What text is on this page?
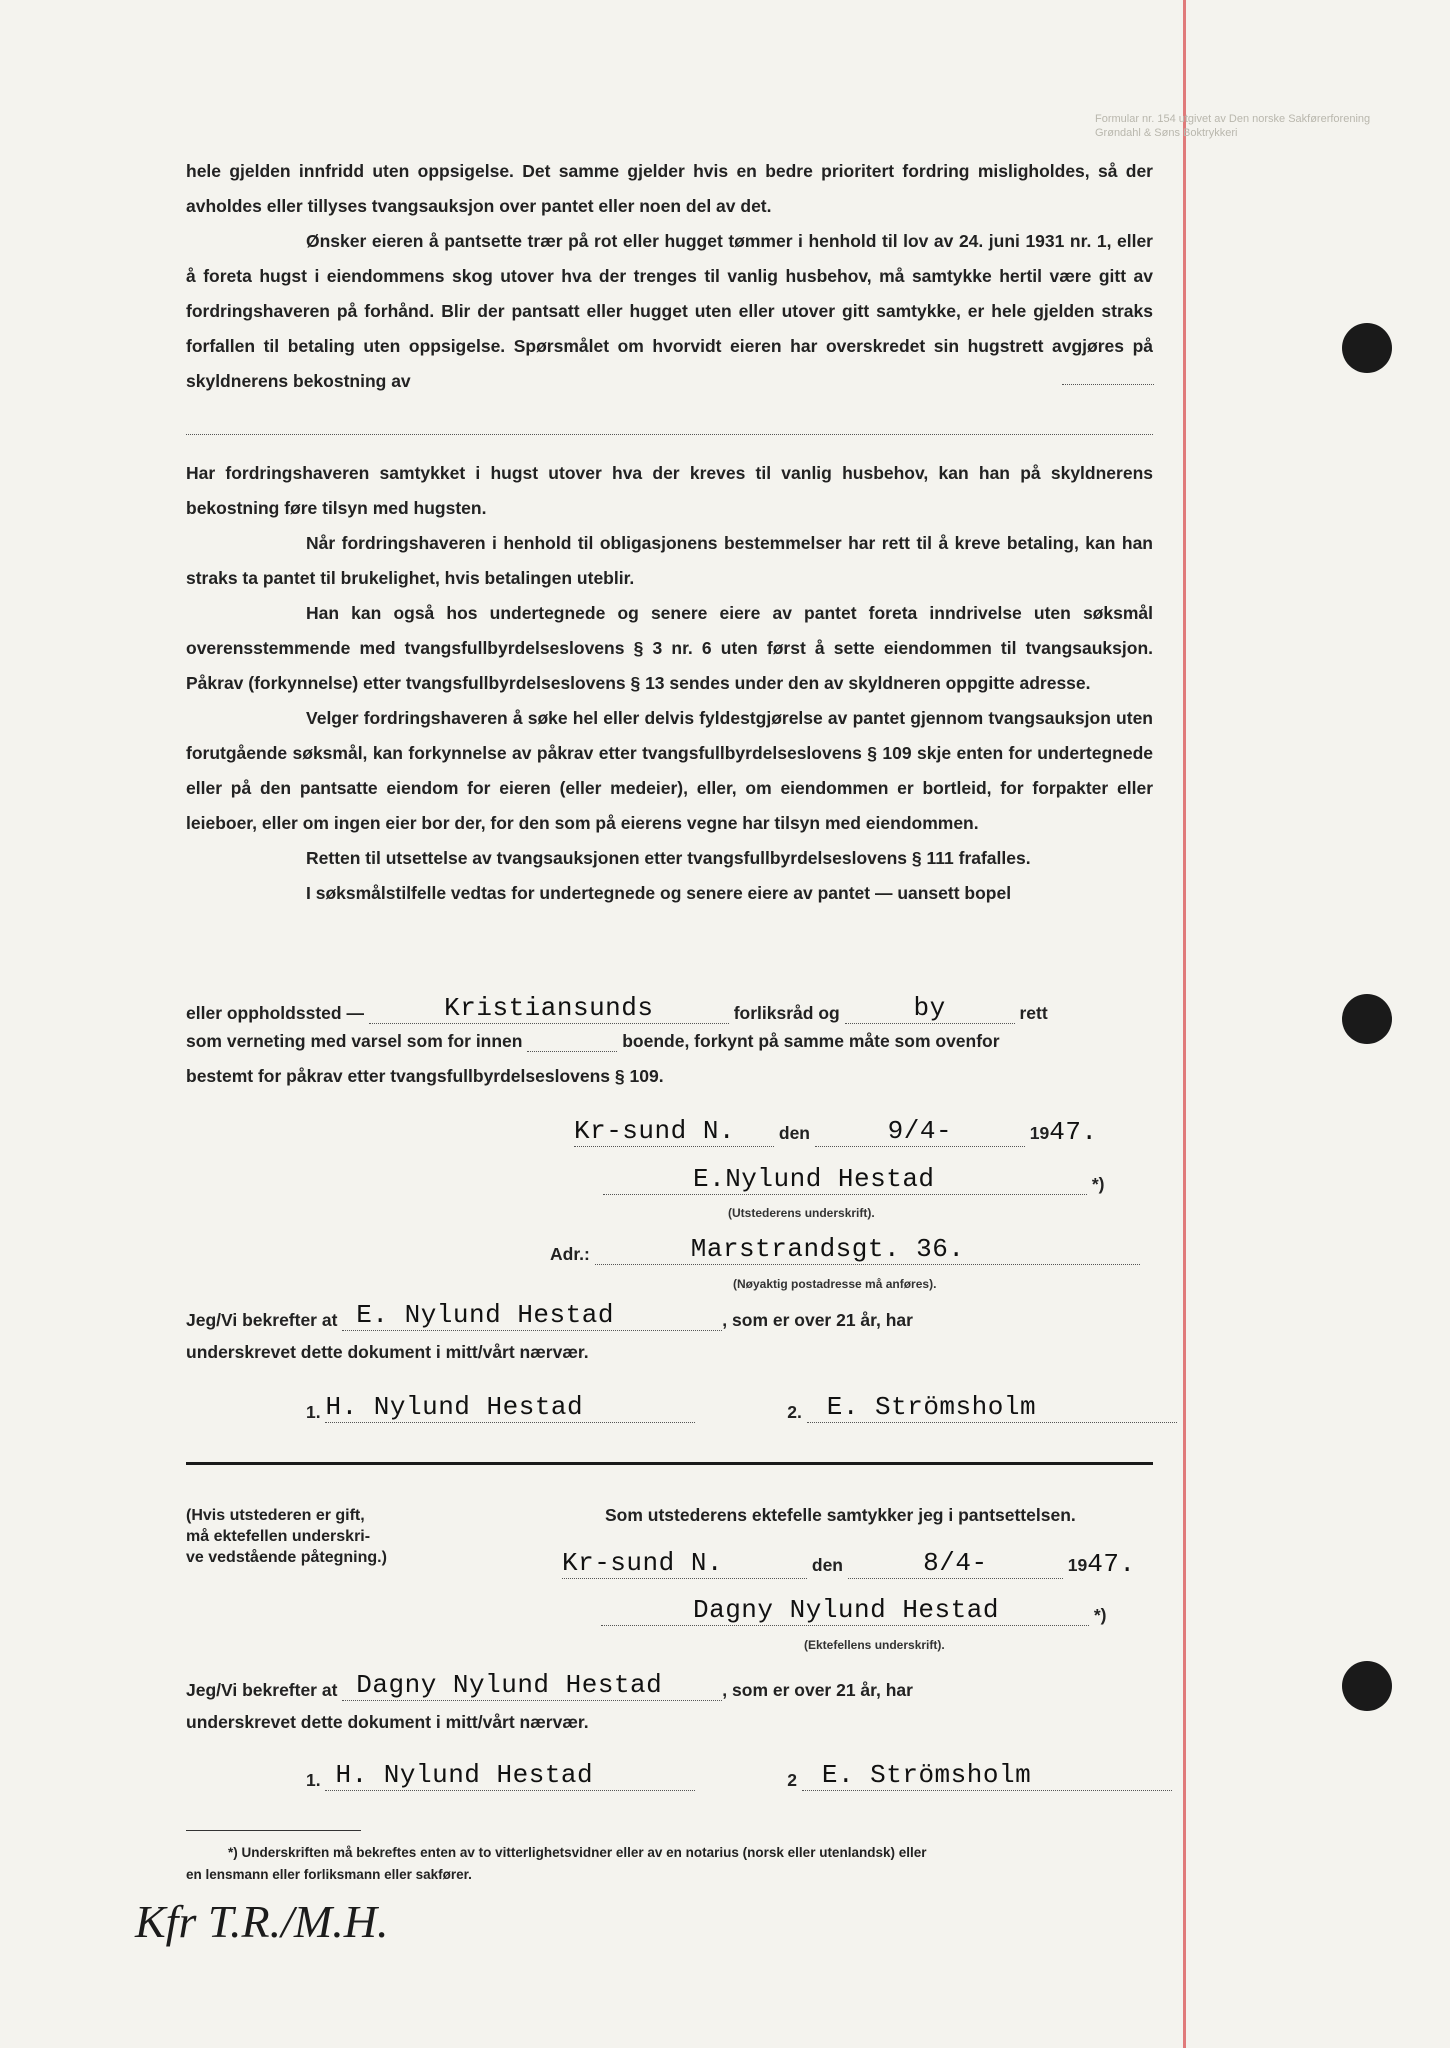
Formular nr. 154 utgivet av Den norske Sakførerforening
Grøndahl & Søns Boktrykkeri

hele gjelden innfridd uten oppsigelse. Det samme gjelder hvis en bedre prioritert fordring misligholdes, så der avholdes eller tillyses tvangsauksjon over pantet eller noen del av det.

Ønsker eieren å pantsette trær på rot eller hugget tømmer i henhold til lov av 24. juni 1931 nr. 1, eller å foreta hugst i eiendommens skog utover hva der trenges til vanlig husbehov, må samtykke hertil være gitt av fordringshaveren på forhånd. Blir der pantsatt eller hugget uten eller utover gitt samtykke, er hele gjelden straks forfallen til betaling uten oppsigelse. Spørsmålet om hvorvidt eieren har overskredet sin hugstrett avgjøres på skyldnerens bekostning av

Har fordringshaveren samtykket i hugst utover hva der kreves til vanlig husbehov, kan han på skyldnerens bekostning føre tilsyn med hugsten.

Når fordringshaveren i henhold til obligasjonens bestemmelser har rett til å kreve betaling, kan han straks ta pantet til brukelighet, hvis betalingen uteblir.

Han kan også hos undertegnede og senere eiere av pantet foreta inndrivelse uten søksmål overensstemmende med tvangsfullbyrdelseslovens § 3 nr. 6 uten først å sette eiendommen til tvangsauksjon. Påkrav (forkynnelse) etter tvangsfullbyrdelseslovens § 13 sendes under den av skyldneren oppgitte adresse.

Velger fordringshaveren å søke hel eller delvis fyldestgjørelse av pantet gjennom tvangsauksjon uten forutgående søksmål, kan forkynnelse av påkrav etter tvangsfullbyrdelseslovens § 109 skje enten for undertegnede eller på den pantsatte eiendom for eieren (eller medeier), eller, om eiendommen er bortleid, for forpakter eller leieboer, eller om ingen eier bor der, for den som på eierens vegne har tilsyn med eiendommen.

Retten til utsettelse av tvangsauksjonen etter tvangsfullbyrdelseslovens § 111 frafalles.

I søksmålstilfelle vedtas for undertegnede og senere eiere av pantet — uansett bopel

eller oppholdssted —	Kristiansunds	forliksråd og	by	rett
som verneting med varsel som for innen	boende, forkynt på samme måte som ovenfor
bestemt for påkrav etter tvangsfullbyrdelseslovens § 109.
Kr-sund N.	den	9/4-	1947.
E.Nylund Hestad	*)
(Utstederens underskrift).
Adr.:	Marstrandsgt. 36.
(Nøyaktig postadresse må anføres).
Jeg/Vi bekrefter at E. Nylund Hestad	, som er over 21 år, har
underskrevet dette dokument i mitt/vårt nærvær.
1. H. Nylund Hestad	2. E. Strömsholm
(Hvis utstederen er gift,
må ektefellen underskri-
ve vedstående påtegning.)
Som utstederens ektefelle samtykker jeg i pantsettelsen.
Kr-sund N.	den	8/4-	1947.
Dagny Nylund Hestad	*)
(Ektefellens underskrift).
Jeg/Vi bekrefter at Dagny Nylund Hestad	, som er over 21 år, har
underskrevet dette dokument i mitt/vårt nærvær.
1. H. Nylund Hestad	2 E. Strömsholm
*) Underskriften må bekreftes enten av to vitterlighetsvidner eller av en notarius (norsk eller utenlandsk) eller
en lensmann eller forliksmann eller sakfører.
Kfr T.R./M.H.
